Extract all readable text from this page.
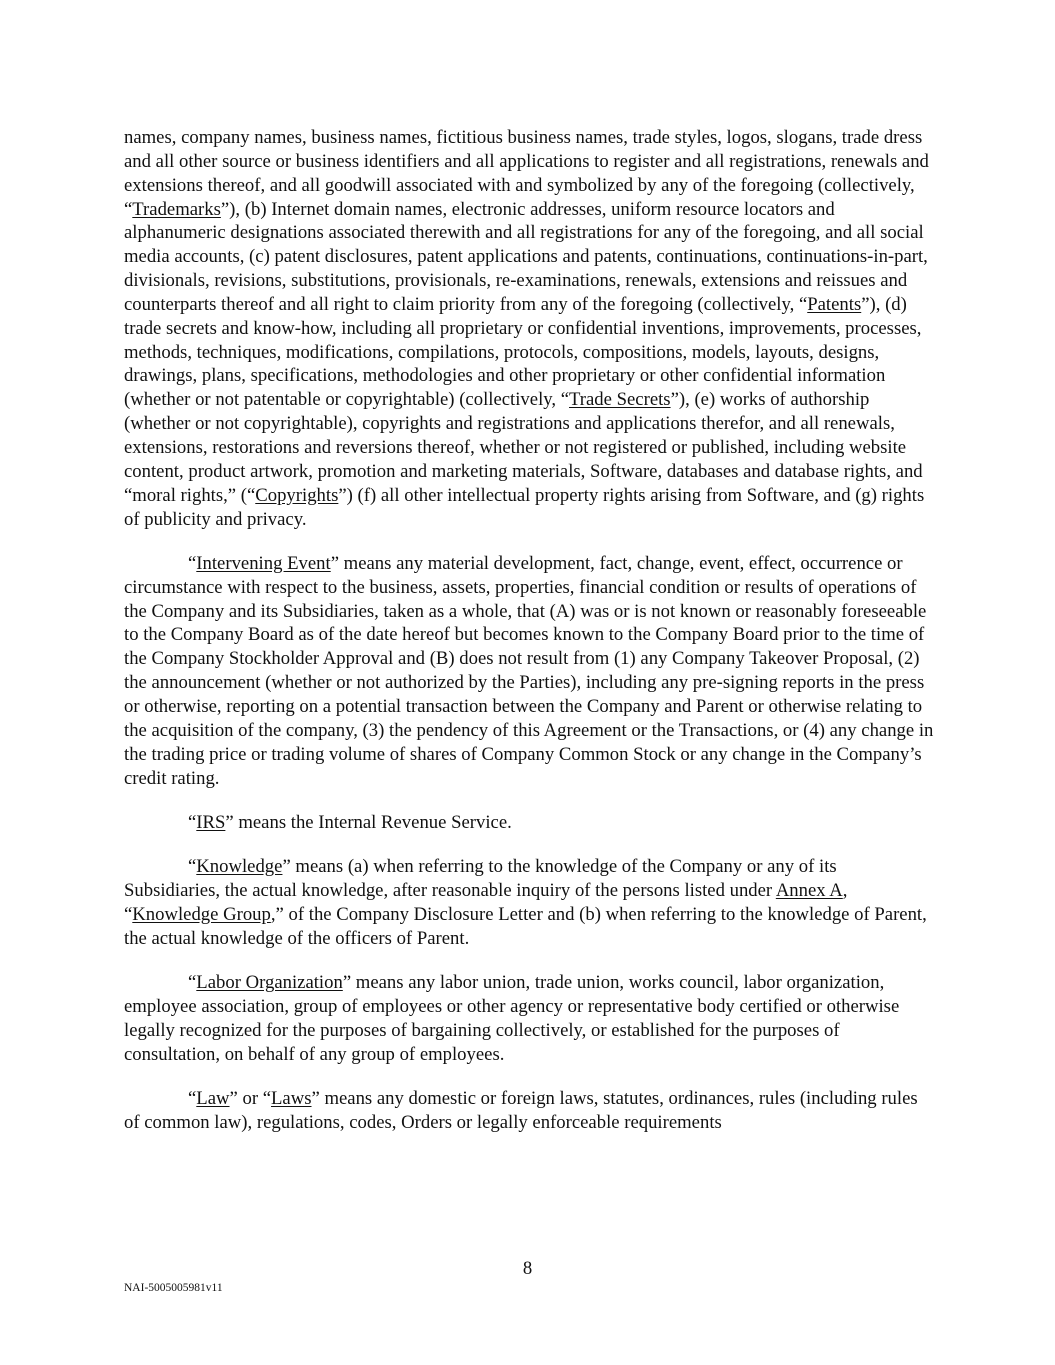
names, company names, business names, fictitious business names, trade styles, logos, slogans, trade dress and all other source or business identifiers and all applications to register and all registrations, renewals and extensions thereof, and all goodwill associated with and symbolized by any of the foregoing (collectively, “Trademarks”), (b) Internet domain names, electronic addresses, uniform resource locators and alphanumeric designations associated therewith and all registrations for any of the foregoing, and all social media accounts, (c) patent disclosures, patent applications and patents, continuations, continuations-in-part, divisionals, revisions, substitutions, provisionals, re-examinations, renewals, extensions and reissues and counterparts thereof and all right to claim priority from any of the foregoing (collectively, “Patents”), (d) trade secrets and know-how, including all proprietary or confidential inventions, improvements, processes, methods, techniques, modifications, compilations, protocols, compositions, models, layouts, designs, drawings, plans, specifications, methodologies and other proprietary or other confidential information (whether or not patentable or copyrightable) (collectively, “Trade Secrets”), (e) works of authorship (whether or not copyrightable), copyrights and registrations and applications therefor, and all renewals, extensions, restorations and reversions thereof, whether or not registered or published, including website content, product artwork, promotion and marketing materials, Software, databases and database rights, and “moral rights,” (“Copyrights”) (f) all other intellectual property rights arising from Software, and (g) rights of publicity and privacy.

“Intervening Event” means any material development, fact, change, event, effect, occurrence or circumstance with respect to the business, assets, properties, financial condition or results of operations of the Company and its Subsidiaries, taken as a whole, that (A) was or is not known or reasonably foreseeable to the Company Board as of the date hereof but becomes known to the Company Board prior to the time of the Company Stockholder Approval and (B) does not result from (1) any Company Takeover Proposal, (2) the announcement (whether or not authorized by the Parties), including any pre-signing reports in the press or otherwise, reporting on a potential transaction between the Company and Parent or otherwise relating to the acquisition of the company, (3) the pendency of this Agreement or the Transactions, or (4) any change in the trading price or trading volume of shares of Company Common Stock or any change in the Company’s credit rating.

“IRS” means the Internal Revenue Service.

“Knowledge” means (a) when referring to the knowledge of the Company or any of its Subsidiaries, the actual knowledge, after reasonable inquiry of the persons listed under Annex A, “Knowledge Group,” of the Company Disclosure Letter and (b) when referring to the knowledge of Parent, the actual knowledge of the officers of Parent.

“Labor Organization” means any labor union, trade union, works council, labor organization, employee association, group of employees or other agency or representative body certified or otherwise legally recognized for the purposes of bargaining collectively, or established for the purposes of consultation, on behalf of any group of employees.

“Law” or “Laws” means any domestic or foreign laws, statutes, ordinances, rules (including rules of common law), regulations, codes, Orders or legally enforceable requirements

8
NAI-5005005981v11
